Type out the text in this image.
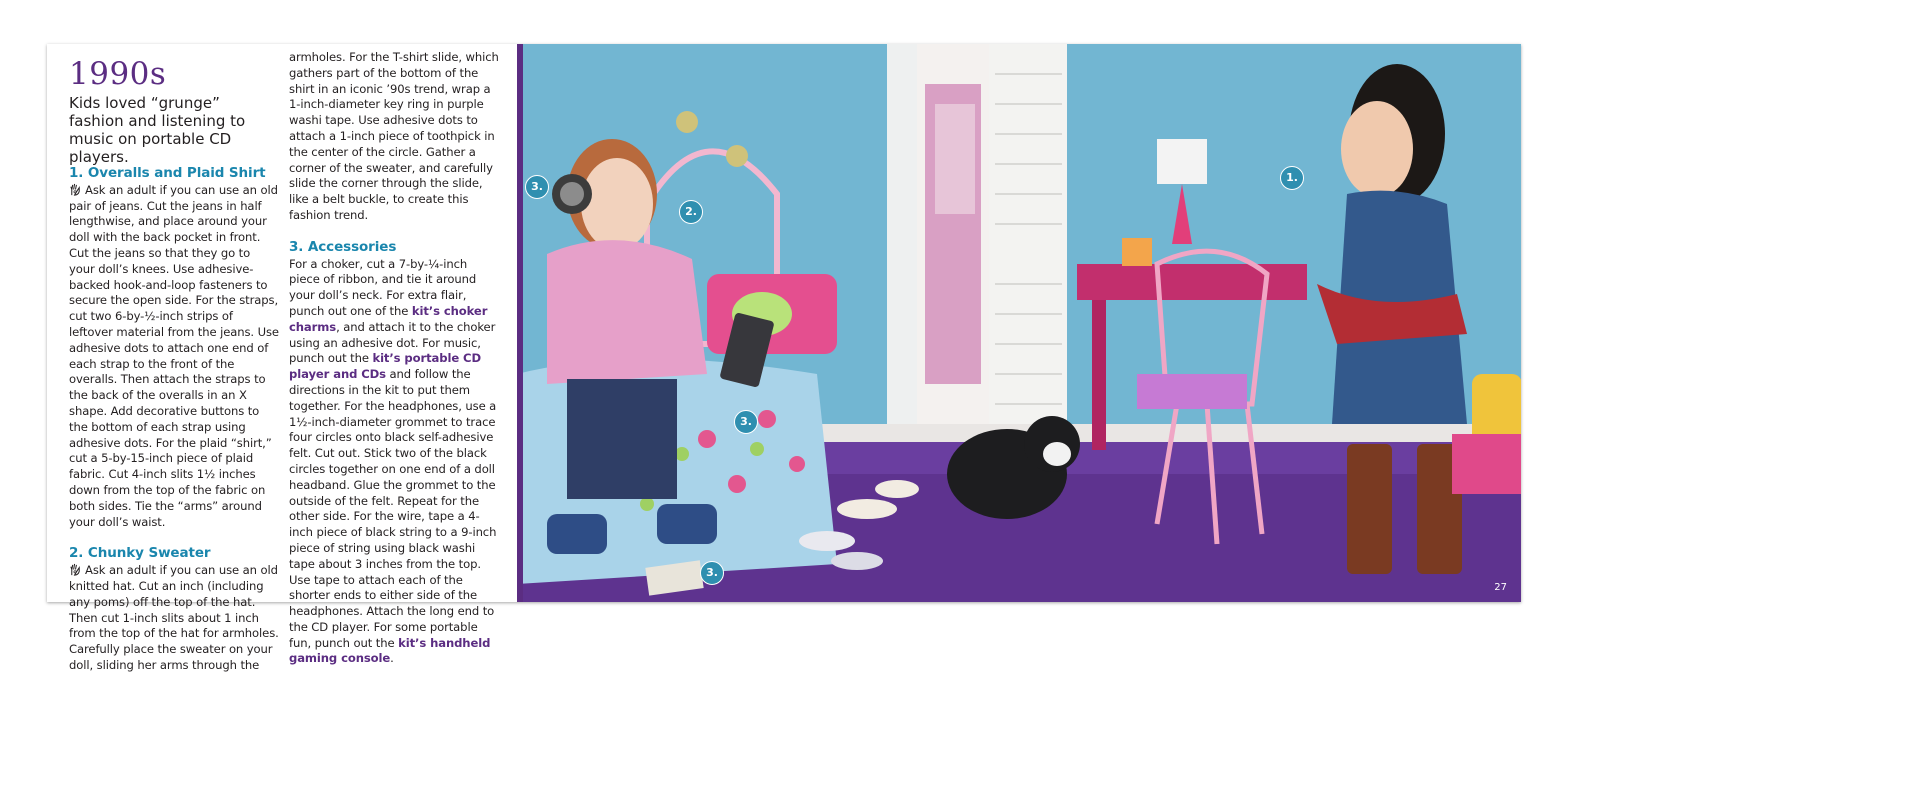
1990s

Kids loved “grunge” fashion and listening to music on portable CD players.

1. Overalls and Plaid Shirt

Ask an adult if you can use an old pair of jeans. Cut the jeans in half lengthwise, and place around your doll with the back pocket in front. Cut the jeans so that they go to your doll’s knees. Use adhesive-backed hook-and-loop fasteners to secure the open side. For the straps, cut two 6-by-½-inch strips of leftover material from the jeans. Use adhesive dots to attach one end of each strap to the front of the overalls. Then attach the straps to the back of the overalls in an X shape. Add decorative buttons to the bottom of each strap using adhesive dots. For the plaid “shirt,” cut a 5-by-15-inch piece of plaid fabric. Cut 4-inch slits 1½ inches down from the top of the fabric on both sides. Tie the “arms” around your doll’s waist.

2. Chunky Sweater

Ask an adult if you can use an old knitted hat. Cut an inch (including any poms) off the top of the hat. Then cut 1-inch slits about 1 inch from the top of the hat for armholes. Carefully place the sweater on your doll, sliding her arms through the

armholes. For the T-shirt slide, which gathers part of the bottom of the shirt in an iconic ’90s trend, wrap a 1-inch-diameter key ring in purple washi tape. Use adhesive dots to attach a 1-inch piece of toothpick in the center of the circle. Gather a corner of the sweater, and carefully slide the corner through the slide, like a belt buckle, to create this fashion trend.

3. Accessories

For a choker, cut a 7-by-¼-inch piece of ribbon, and tie it around your doll’s neck. For extra flair, punch out one of the kit’s choker charms, and attach it to the choker using an adhesive dot. For music, punch out the kit’s portable CD player and CDs and follow the directions in the kit to put them together. For the headphones, use a 1½-inch-diameter grommet to trace four circles onto black self-adhesive felt. Cut out. Stick two of the black circles together on one end of a doll headband. Glue the grommet to the outside of the felt. Repeat for the other side. For the wire, tape a 4-inch piece of black string to a 9-inch piece of string using black washi tape about 3 inches from the top. Use tape to attach each of the shorter ends to either side of the headphones. Attach the long end to the CD player. For some portable fun, punch out the kit’s handheld gaming console.

1.
2.
3.
3.
3.
27
